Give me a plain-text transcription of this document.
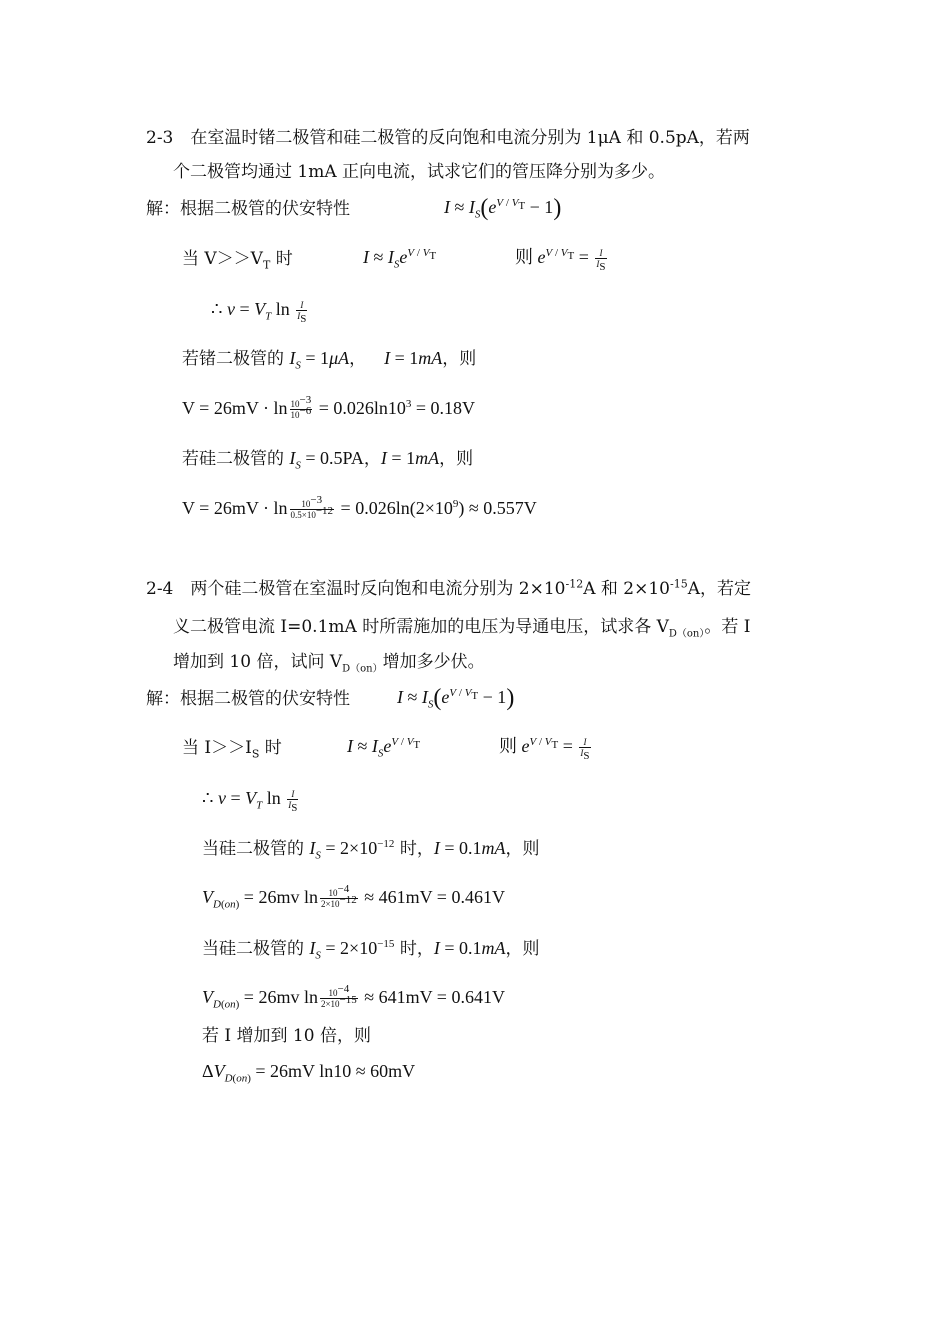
2-3　在室温时锗二极管和硅二极管的反向饱和电流分别为 1μA 和 0.5pA，若两
个二极管均通过 1mA 正向电流，试求它们的管压降分别为多少。
解：根据二极管的伏安特性	$I \approx I_S(e^{V / V_T} - 1)$
当 $V>>V_T$ 时	$I \approx I_Se^{V / V_T}$	则 $e^{V / V_T} = \frac{I}{I_S}$
∴ $v = V_T$ $\ln \frac{I}{I_S}$
若锗二极管的 $I_S = 1\mu A$， I = 1mA，则
$V = 26mV \cdot \ln \frac{10^{-3}}{10^{-6}} = 0.026\ln 10^3 = 0.18V$
若硅二极管的 $I_S = 0.5PA$，I = 1mA，则
$V = 26mV \cdot \ln \frac{10^{-3}}{0.5\times 10^{-12}} = 0.026\ln(2\times 10^9) \approx 0.557V$
2-4　两个硅二极管在室温时反向饱和电流分别为 $2\times 10^{-12}A$ 和 $2\times 10^{-15}A$，若定
义二极管电流 I=0.1mA 时所需施加的电压为导通电压，试求各 $V_{D(on)}$。若 I
增加到 10 倍，试问 $V_{D(on)}$增加多少伏。
解：根据二极管的伏安特性	$I \approx I_S(e^{V / V_T} - 1)$
当 $I>>I_S$ 时	$I \approx I_Se^{V / V_T}$	则 $e^{V / V_T} = \frac{I}{I_S}$
∴ $v = V_T$ $\ln \frac{I}{I_S}$
当硅二极管的 $I_S = 2\times 10^{-12}$ 时，I = 0.1mA，则
$V_{D(on)} = 26mv$ $\ln \frac{10^{-4}}{2\times 10^{-12}} \approx 461mV = 0.461V$
当硅二极管的 $I_S = 2\times 10^{-15}$ 时，I = 0.1mA，则
$V_{D(on)} = 26mv$ $\ln \frac{10^{-4}}{2\times 10^{-15}} \approx 641mV = 0.641V$
若 I 增加到 10 倍，则
$\Delta V_{D(on)} = 26mV$ ln10 ≈ 60mV
